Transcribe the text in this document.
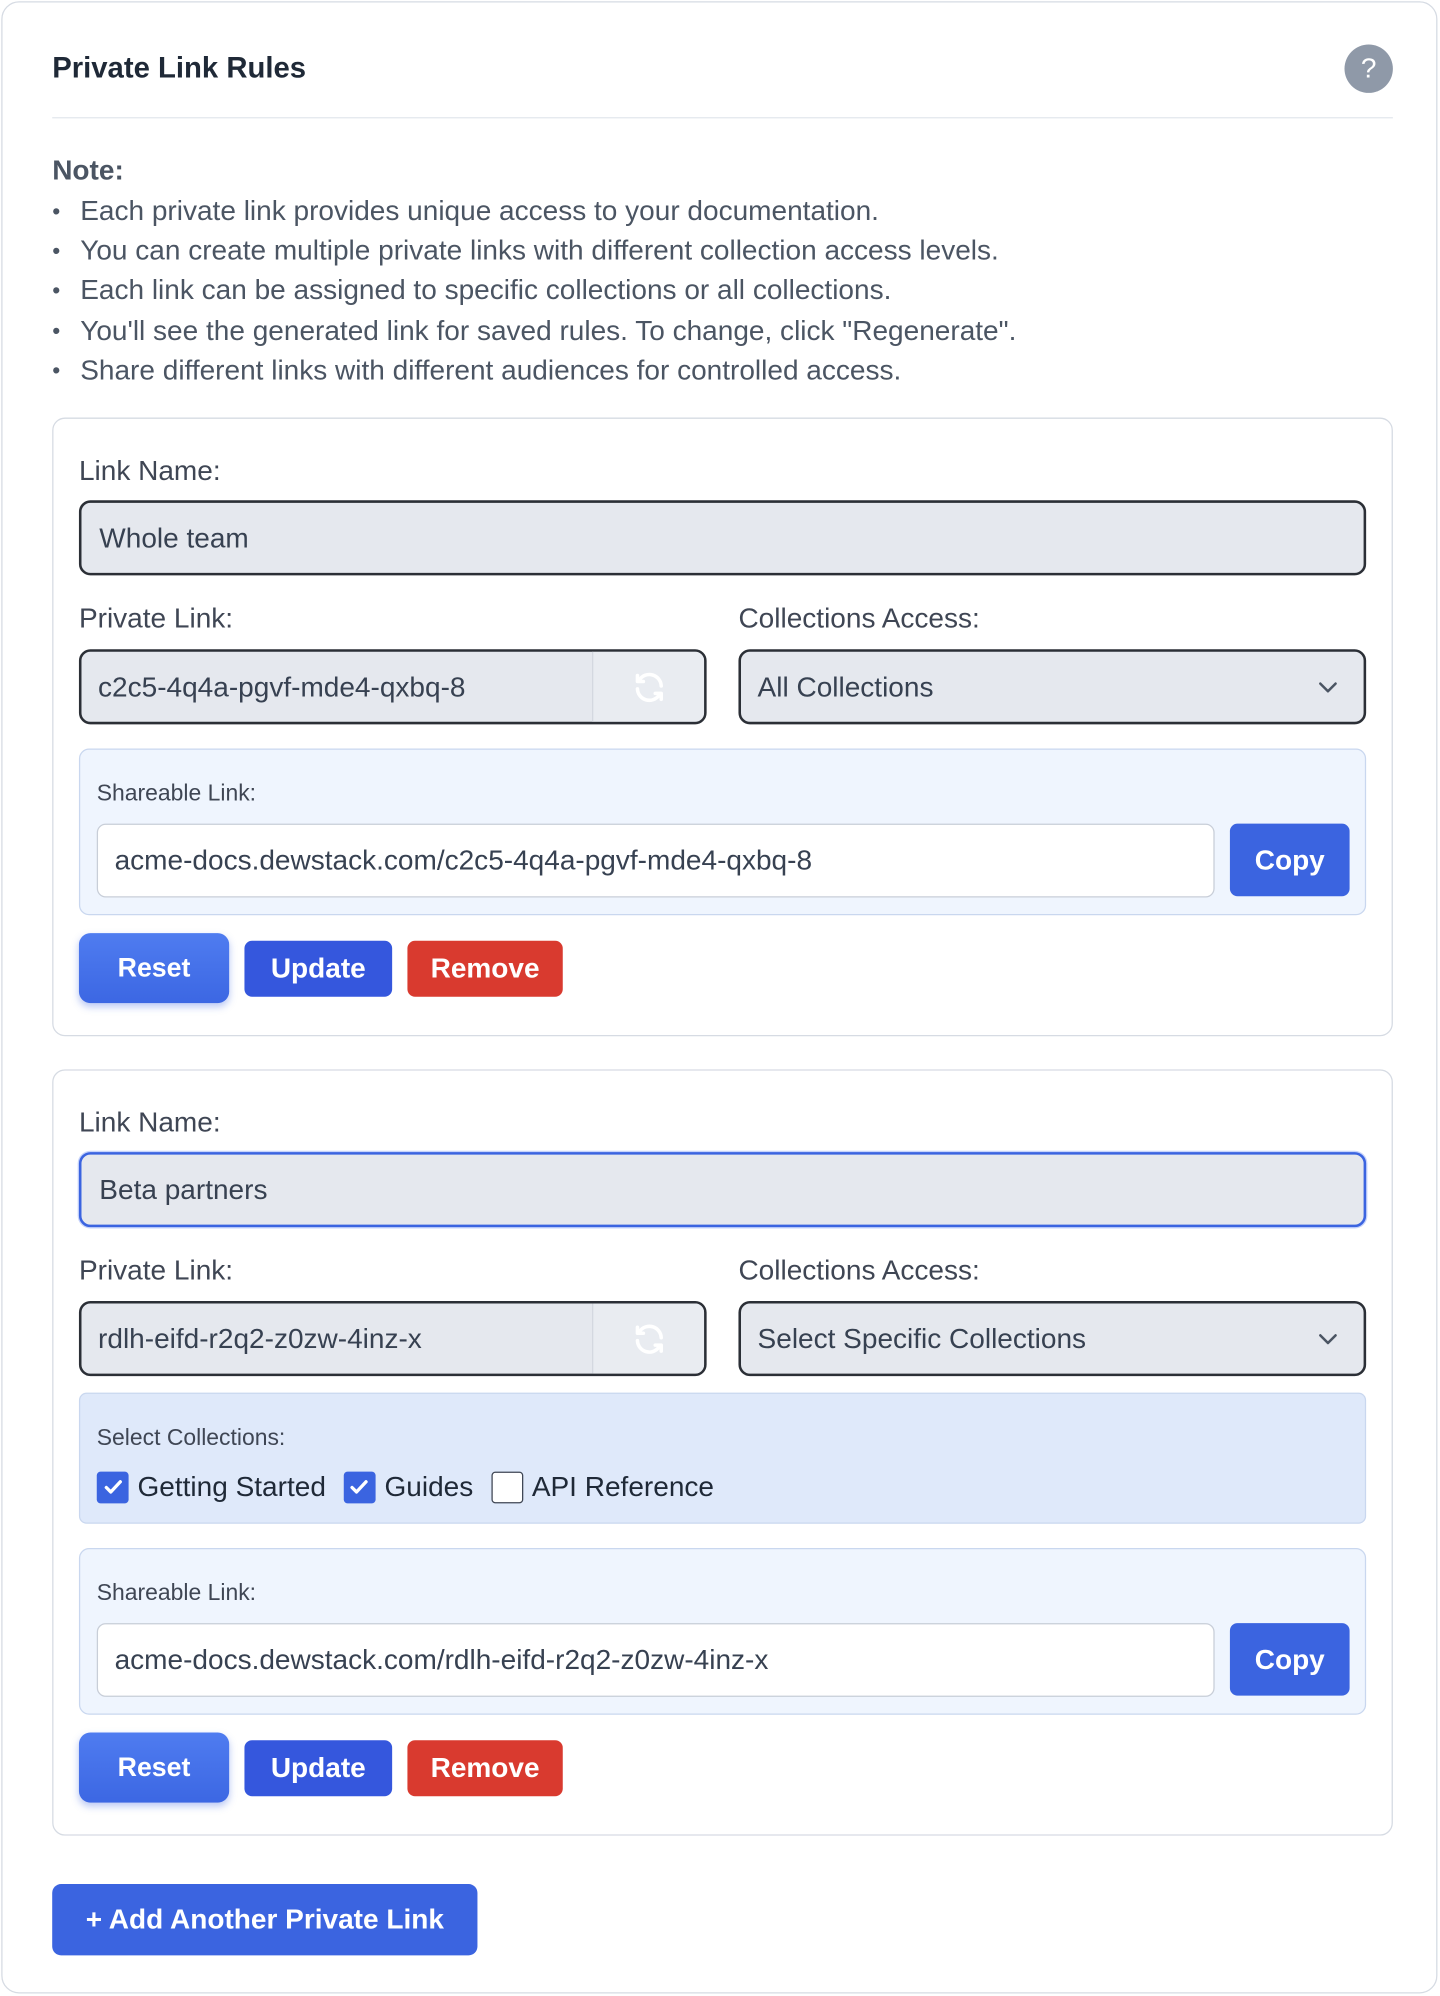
Private Link Rules	?
Note:
• Each private link provides unique access to your documentation.
• You can create multiple private links with different collection access levels.
• Each link can be assigned to specific collections or all collections.
• You'll see the generated link for saved rules. To change, click "Regenerate".
• Share different links with different audiences for controlled access.
Link Name:
Whole team
Private Link:	Collections Access:
c2c5-4q4a-pgvf-mde4-qxbq-8	All Collections
Shareable Link:
acme-docs.dewstack.com/c2c5-4q4a-pgvf-mde4-qxbq-8	Copy
Reset	Update	Remove
Link Name:
Beta partners
Private Link:	Collections Access:
rdlh-eifd-r2q2-z0zw-4inz-x	Select Specific Collections
Select Collections:
Getting Started	Guides	API Reference
Shareable Link:
acme-docs.dewstack.com/rdlh-eifd-r2q2-z0zw-4inz-x	Copy
Reset	Update	Remove
+ Add Another Private Link
